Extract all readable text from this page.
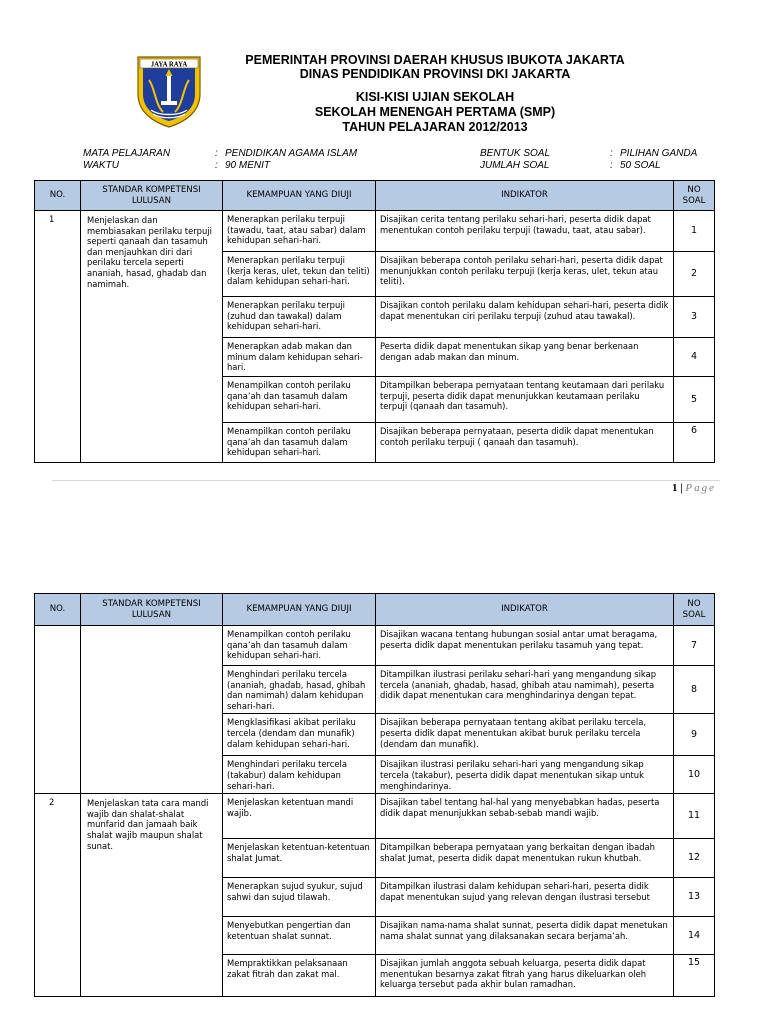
JAYA RAYA	PEMERINTAH PROVINSI DAERAH KHUSUS IBUKOTA JAKARTA
DINAS PENDIDIKAN PROVINSI DKI JAKARTA
KISI-KISI UJIAN SEKOLAH
SEKOLAH MENENGAH PERTAMA (SMP)
TAHUN PELAJARAN 2012/2013
MATA PELAJARAN	: PENDIDIKAN AGAMA ISLAM
WAKTU	: 90 MENIT
BENTUK SOAL	: PILIHAN GANDA
JUMLAH SOAL	: 50 SOAL
NO.	STANDAR KOMPETENSI LULUSAN	KEMAMPUAN YANG DIUJI	INDIKATOR	NO SOAL
1	Menjelaskan dan membiasakan perilaku terpuji seperti qanaah dan tasamuh dan menjauhkan diri dari perilaku tercela seperti ananiah, hasad, ghadab dan namimah.	Menerapkan perilaku terpuji (tawadu, taat, atau sabar) dalam kehidupan sehari-hari.	Disajikan cerita tentang perilaku sehari-hari, peserta didik dapat menentukan contoh perilaku terpuji (tawadu, taat, atau sabar).	1
		Menerapkan perilaku terpuji (kerja keras, ulet, tekun dan teliti) dalam kehidupan sehari-hari.	Disajikan beberapa contoh perilaku sehari-hari, peserta didik dapat menunjukkan contoh perilaku terpuji (kerja keras, ulet, tekun atau teliti).	2
		Menerapkan perilaku terpuji (zuhud dan tawakal) dalam kehidupan sehari-hari.	Disajikan contoh perilaku dalam kehidupan sehari-hari, peserta didik dapat menentukan ciri perilaku terpuji (zuhud atau tawakal).	3
		Menerapkan adab makan dan minum dalam kehidupan sehari-hari.	Peserta didik dapat menentukan sikap yang benar berkenaan dengan adab makan dan minum.	4
		Menampilkan contoh perilaku qana’ah dan tasamuh dalam kehidupan sehari-hari.	Ditampilkan beberapa pernyataan tentang keutamaan dari perilaku terpuji, peserta didik dapat menunjukkan keutamaan perilaku terpuji (qanaah dan tasamuh).	5
		Menampilkan contoh perilaku qana’ah dan tasamuh dalam kehidupan sehari-hari.	Disajikan beberapa pernyataan, peserta didik dapat menentukan contoh perilaku terpuji ( qanaah dan tasamuh).	6
1 | Page
NO.	STANDAR KOMPETENSI LULUSAN	KEMAMPUAN YANG DIUJI	INDIKATOR	NO SOAL
		Menampilkan contoh perilaku qana’ah dan tasamuh dalam kehidupan sehari-hari.	Disajikan wacana tentang hubungan sosial antar umat beragama, peserta didik dapat menentukan perilaku tasamuh yang tepat.	7
		Menghindari perilaku tercela (ananiah, ghadab, hasad, ghibah dan namimah) dalam kehidupan sehari-hari.	Ditampilkan ilustrasi perilaku sehari-hari yang mengandung sikap tercela (ananiah, ghadab, hasad, ghibah atau namimah), peserta didik dapat menentukan cara menghindarinya dengan tepat.	8
		Mengklasifikasi akibat perilaku tercela (dendam dan munafik) dalam kehidupan sehari-hari.	Disajikan beberapa pernyataan tentang akibat perilaku tercela, peserta didik dapat menentukan akibat buruk perilaku tercela (dendam dan munafik).	9
		Menghindari perilaku tercela (takabur) dalam kehidupan sehari-hari.	Disajikan ilustrasi perilaku sehari-hari yang mengandung sikap tercela (takabur), peserta didik dapat menentukan sikap untuk menghindarinya.	10
2	Menjelaskan tata cara mandi wajib dan shalat-shalat munfarid dan jamaah baik shalat wajib maupun shalat sunat.	Menjelaskan ketentuan mandi wajib.	Disajikan tabel tentang hal-hal yang menyebabkan hadas, peserta didik dapat menunjukkan sebab-sebab mandi wajib.	11
		Menjelaskan ketentuan-ketentuan shalat Jumat.	Ditampilkan beberapa pernyataan yang berkaitan dengan ibadah shalat Jumat, peserta didik dapat menentukan rukun khutbah.	12
		Menerapkan sujud syukur, sujud sahwi dan sujud tilawah.	Ditampilkan ilustrasi dalam kehidupan sehari-hari, peserta didik dapat menentukan sujud yang relevan dengan ilustrasi tersebut	13
		Menyebutkan pengertian dan ketentuan shalat sunnat.	Disajikan nama-nama shalat sunnat, peserta didik dapat menetukan nama shalat sunnat yang dilaksanakan secara berjama’ah.	14
		Mempraktikkan pelaksanaan zakat fitrah dan zakat mal.	Disajikan jumlah anggota sebuah keluarga, peserta didik dapat menentukan besarnya zakat fitrah yang harus dikeluarkan oleh keluarga tersebut pada akhir bulan ramadhan.	15
